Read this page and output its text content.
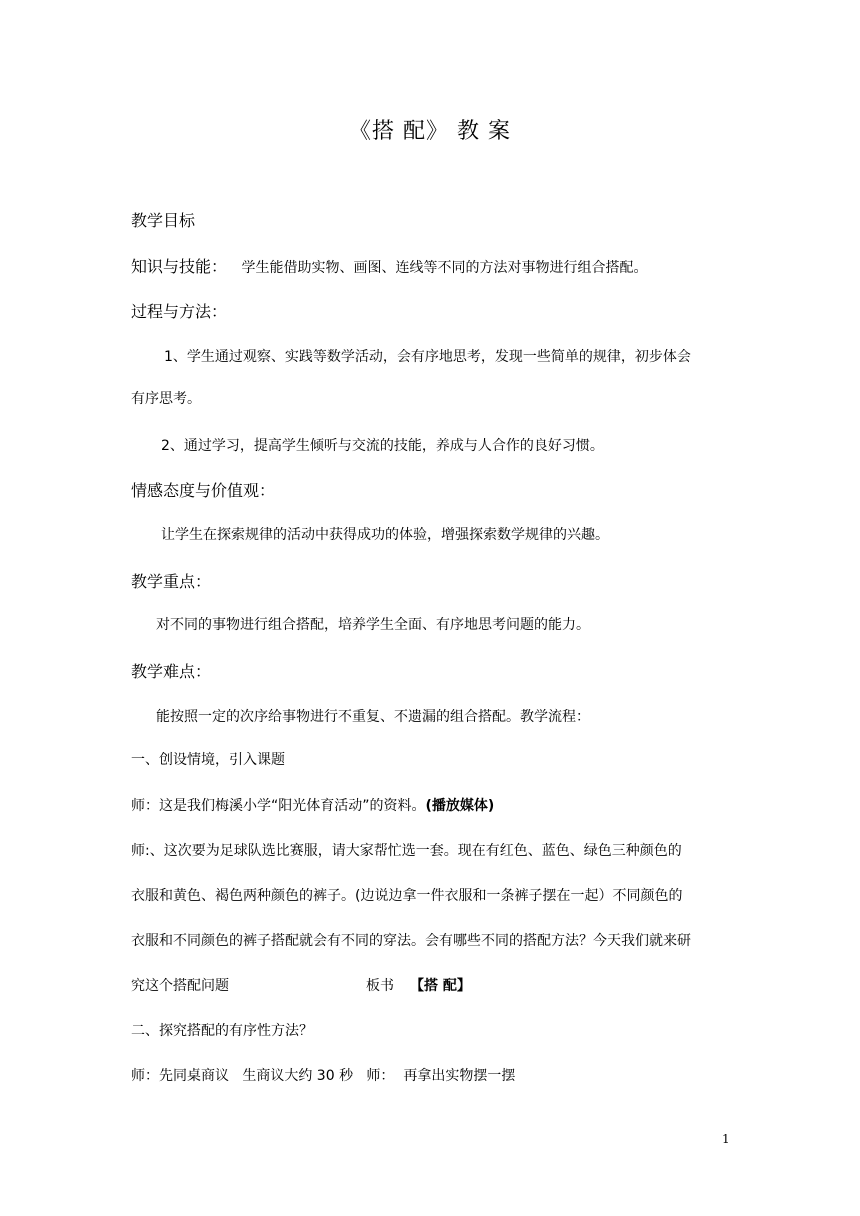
《搭 配》 教 案
教学目标
知识与技能： 学生能借助实物、画图、连线等不同的方法对事物进行组合搭配。
过程与方法：
1、学生通过观察、实践等数学活动，会有序地思考，发现一些简单的规律，初步体会
有序思考。
2、通过学习，提高学生倾听与交流的技能，养成与人合作的良好习惯。
情感态度与价值观：
让学生在探索规律的活动中获得成功的体验，增强探索数学规律的兴趣。
教学重点：
对不同的事物进行组合搭配，培养学生全面、有序地思考问题的能力。
教学难点：
能按照一定的次序给事物进行不重复、不遗漏的组合搭配。教学流程：
一、创设情境，引入课题
师：这是我们梅溪小学“阳光体育活动”的资料。(播放媒体)
师:、这次要为足球队选比赛服，请大家帮忙选一套。现在有红色、蓝色、绿色三种颜色的
衣服和黄色、褐色两种颜色的裤子。(边说边拿一件衣服和一条裤子摆在一起）不同颜色的
衣服和不同颜色的裤子搭配就会有不同的穿法。会有哪些不同的搭配方法？今天我们就来研
究这个搭配问题	板书 【搭 配】
二、探究搭配的有序性方法？
师：先同桌商议   生商议大约 30 秒   师：  再拿出实物摆一摆
1
